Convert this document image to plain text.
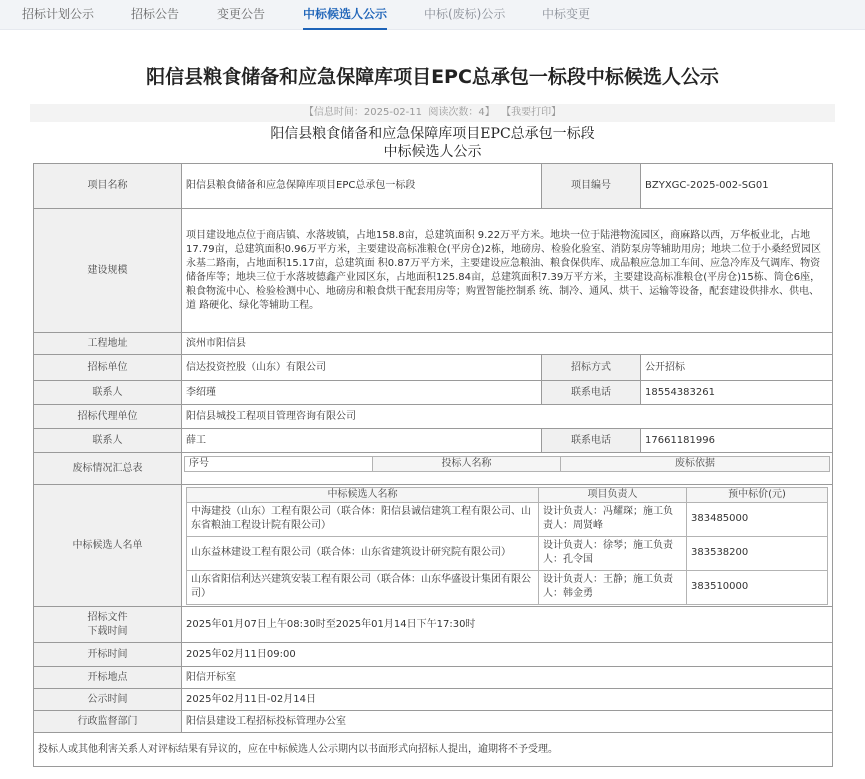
招标计划公示	招标公告	变更公告	中标候选人公示	中标(废标)公示	中标变更
阳信县粮食储备和应急保障库项目EPC总承包一标段中标候选人公示
【信息时间：2025-02-11 阅读次数：4】 【我要打印】
阳信县粮食储备和应急保障库项目EPC总承包一标段
中标候选人公示
项目名称	阳信县粮食储备和应急保障库项目EPC总承包一标段	项目编号	BZYXGC-2025-002-SG01
建设规模	项目建设地点位于商店镇、水落坡镇，占地158.8亩，总建筑面积 9.22万平方米。地块一位于陆港物流园区，商麻路以西，万华板业北，占地17.79亩，总建筑面积0.96万平方米，主要建设高标准粮仓(平房仓)2栋，地磅房、检验化验室、消防泵房等辅助用房；地块二位于小桑经贸园区永基二路南，占地面积15.17亩，总建筑面 积0.87万平方米，主要建设应急粮油、粮食保供库、成品粮应急加工车间、应急冷库及气调库、物资储备库等；地块三位于水落坡德鑫产业园区东，占地面积125.84亩，总建筑面积7.39万平方米，主要建设高标准粮仓(平房仓)15栋、筒仓6座，粮食物流中心、检验检测中心、地磅房和粮食烘干配套用房等；购置智能控制系 统、制冷、通风、烘干、运输等设备，配套建设供排水、供电、道 路硬化、绿化等辅助工程。
工程地址	滨州市阳信县
招标单位	信达投资控股（山东）有限公司	招标方式	公开招标
联系人	李绍瑾	联系电话	18554383261
招标代理单位	阳信县城投工程项目管理咨询有限公司
联系人	薛工	联系电话	17661181996
废标情况汇总表		序号	投标人名称	废标依据

中标候选人名单	
中标候选人名称	项目负责人	预中标价(元)
中海建投（山东）工程有限公司（联合体：阳信县诚信建筑工程有限公司、山东省粮油工程设计院有限公司）	设计负责人：冯耀琛；施工负责人：周贤峰	383485000
山东益林建设工程有限公司（联合体：山东省建筑设计研究院有限公司）	设计负责人：徐琴；施工负责人：孔令国	383538200
山东省阳信利达兴建筑安装工程有限公司（联合体：山东华盛设计集团有限公司）	设计负责人：王静；施工负责人：韩金勇	383510000

招标文件
下载时间
	2025年01月07日上午08:30时至2025年01月14日下午17:30时
开标时间	2025年02月11日09:00
开标地点	阳信开标室
公示时间	2025年02月11日-02月14日
行政监督部门	阳信县建设工程招标投标管理办公室
投标人或其他利害关系人对评标结果有异议的，应在中标候选人公示期内以书面形式向招标人提出，逾期将不予受理。
